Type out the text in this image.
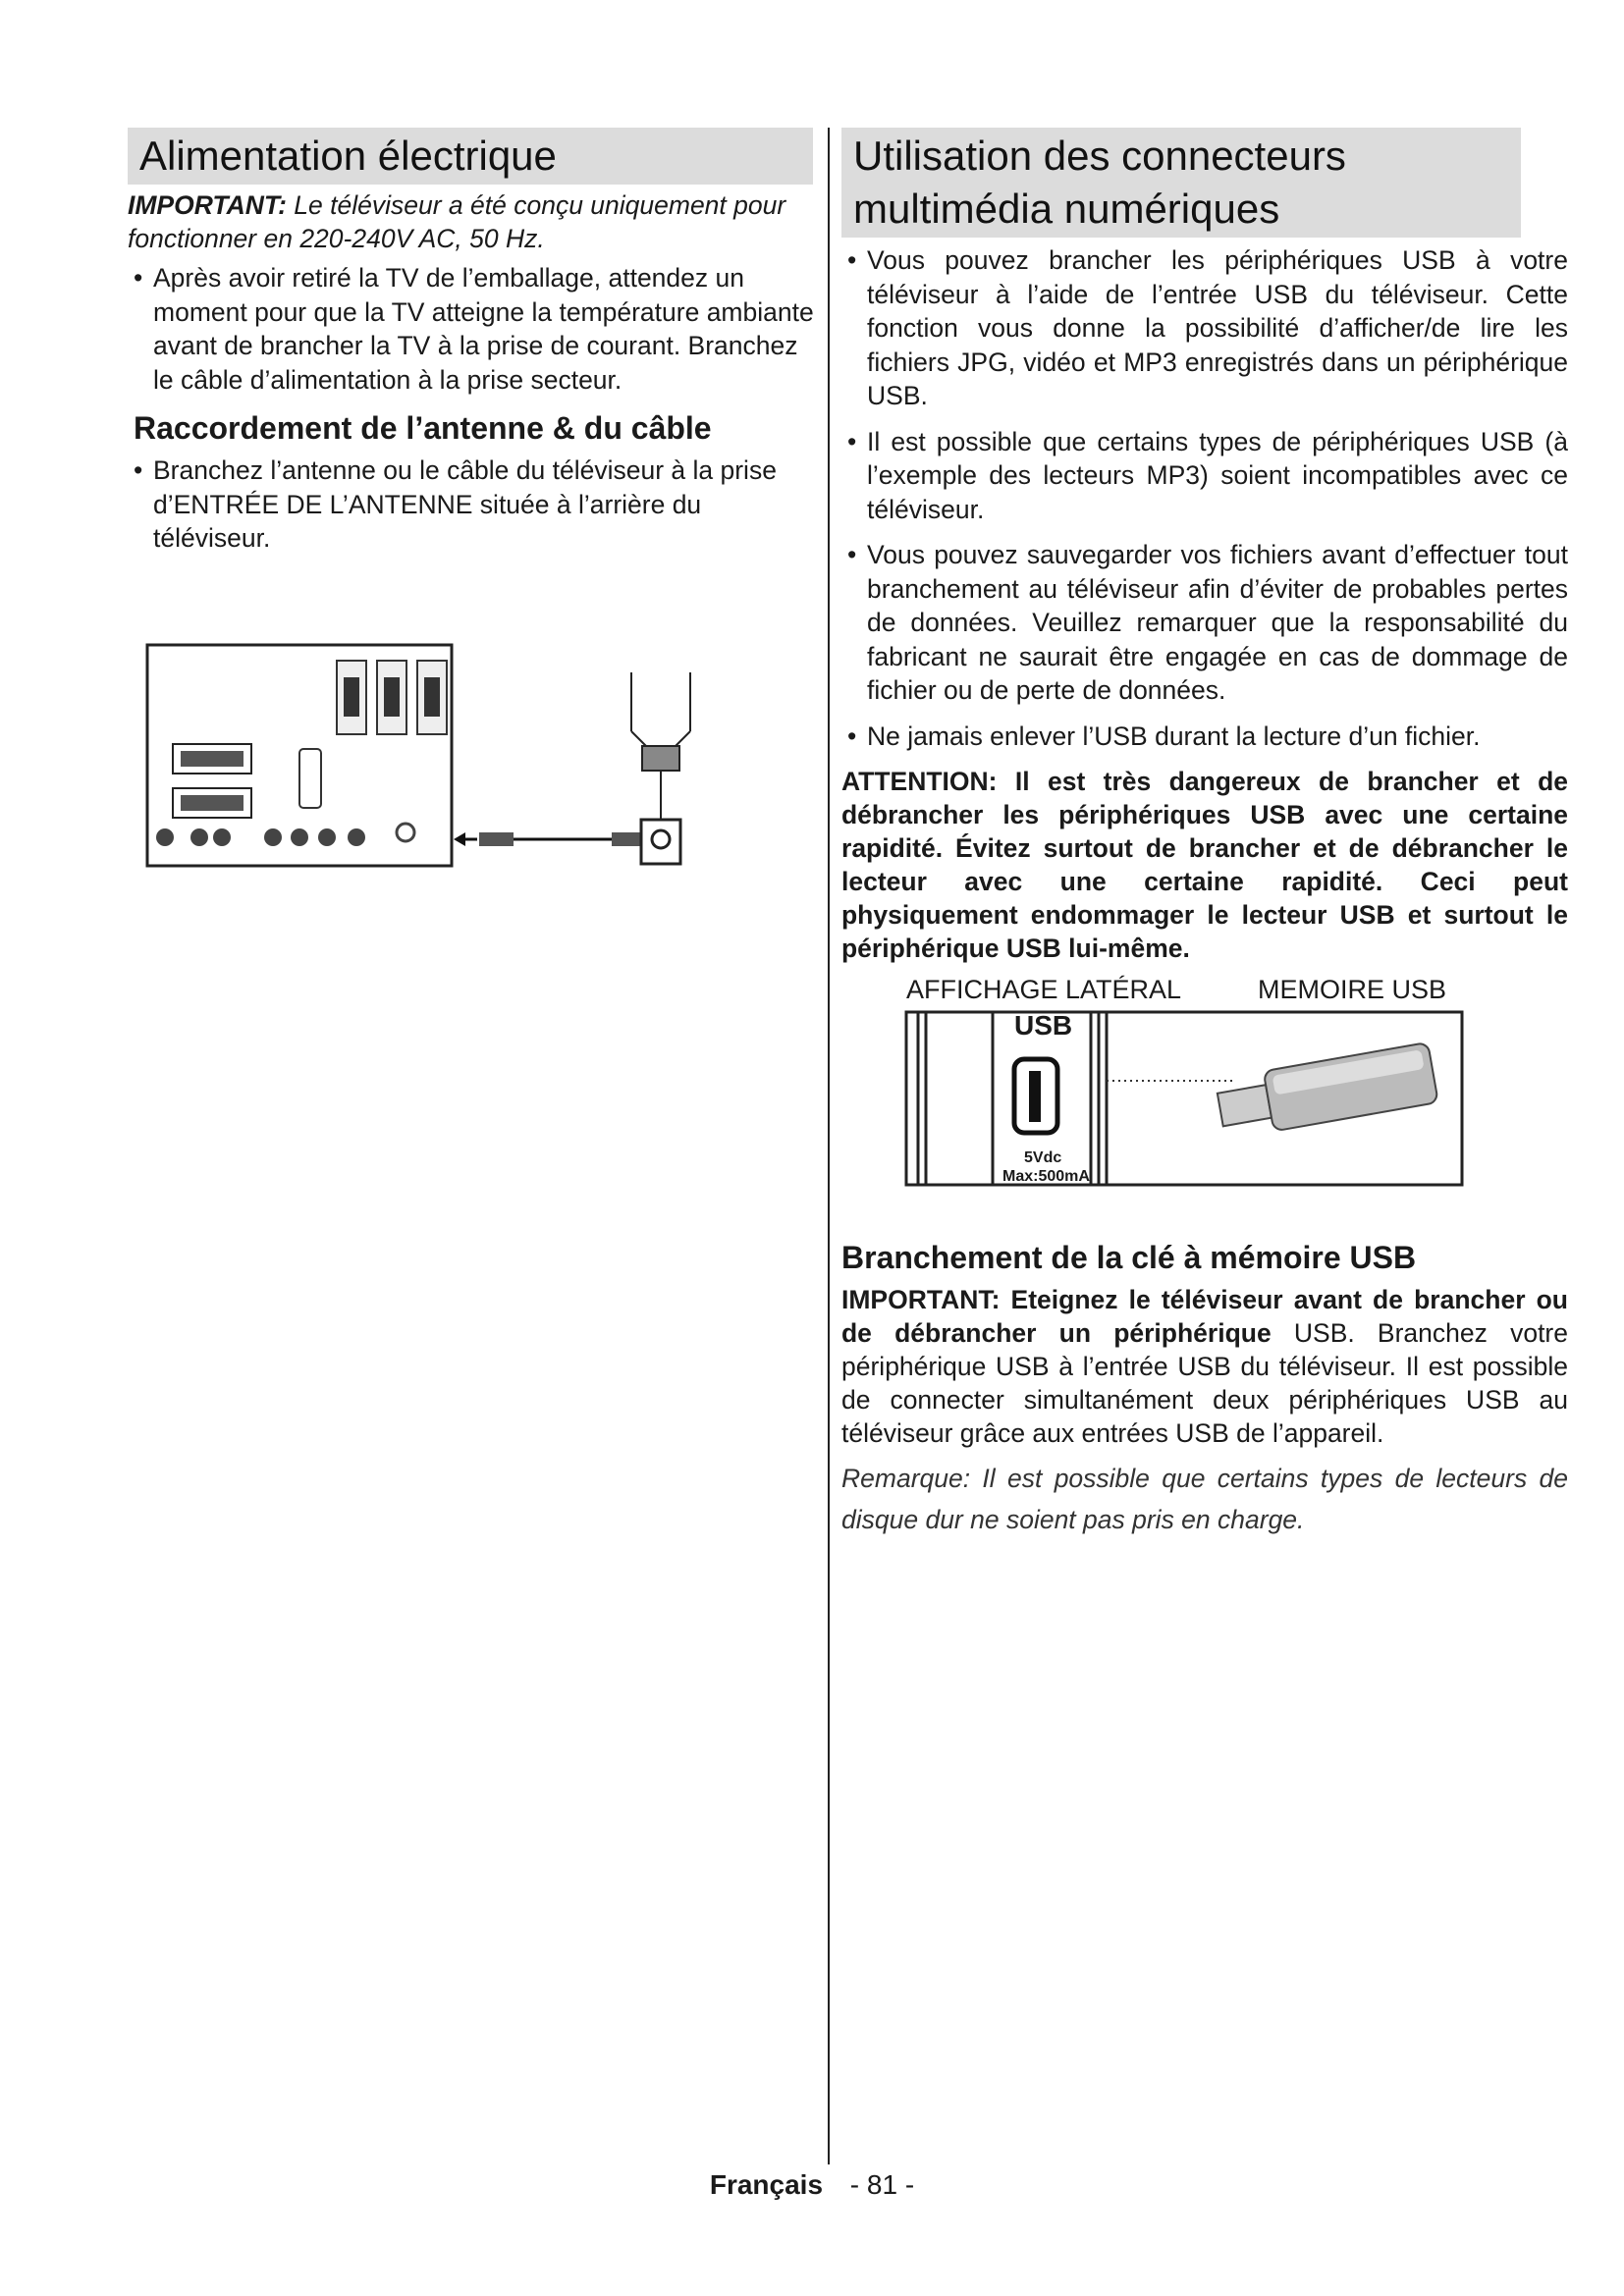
Alimentation électrique

IMPORTANT: Le téléviseur a été conçu uniquement pour fonctionner en 220-240V AC, 50 Hz.

• Après avoir retiré la TV de l’emballage, attendez un moment pour que la TV atteigne la température ambiante avant de brancher la TV à la prise de courant. Branchez le câble d’alimentation à la prise secteur.
Raccordement de l’antenne & du câble
• Branchez l’antenne ou le câble du téléviseur à la prise d’ENTRÉE DE L’ANTENNE située à l’arrière du téléviseur.
Utilisation des connecteurs
multimédia numériques
• Vous pouvez brancher les périphériques USB à votre téléviseur à l’aide de l’entrée USB du téléviseur. Cette fonction vous donne la possibilité d’afficher/de lire les fichiers JPG, vidéo et MP3 enregistrés dans un périphérique USB.
• Il est possible que certains types de périphériques USB (à l’exemple des lecteurs MP3) soient incompatibles avec ce téléviseur.
• Vous pouvez sauvegarder vos fichiers avant d’effectuer tout branchement au téléviseur afin d’éviter de probables pertes de données. Veuillez remarquer que la responsabilité du fabricant ne saurait être engagée en cas de dommage de fichier ou de perte de données.
• Ne jamais enlever l’USB durant la lecture d’un fichier.

ATTENTION: Il est très dangereux de brancher et de débrancher les périphériques USB avec une certaine rapidité. Évitez surtout de brancher et de débrancher le lecteur avec une certaine rapidité. Ceci peut physiquement endommager le lecteur USB et surtout le périphérique USB lui-même.

AFFICHAGE LATÉRAL	MEMOIRE USB
USB
5Vdc
Max:500mA
Branchement de la clé à mémoire USB

IMPORTANT: Eteignez le téléviseur avant de brancher ou de débrancher un périphérique USB. Branchez votre périphérique USB à l’entrée USB du téléviseur. Il est possible de connecter simultanément deux périphériques USB au téléviseur grâce aux entrées USB de l’appareil.

Remarque: Il est possible que certains types de lecteurs de disque dur ne soient pas pris en charge.

Français - 81 -
